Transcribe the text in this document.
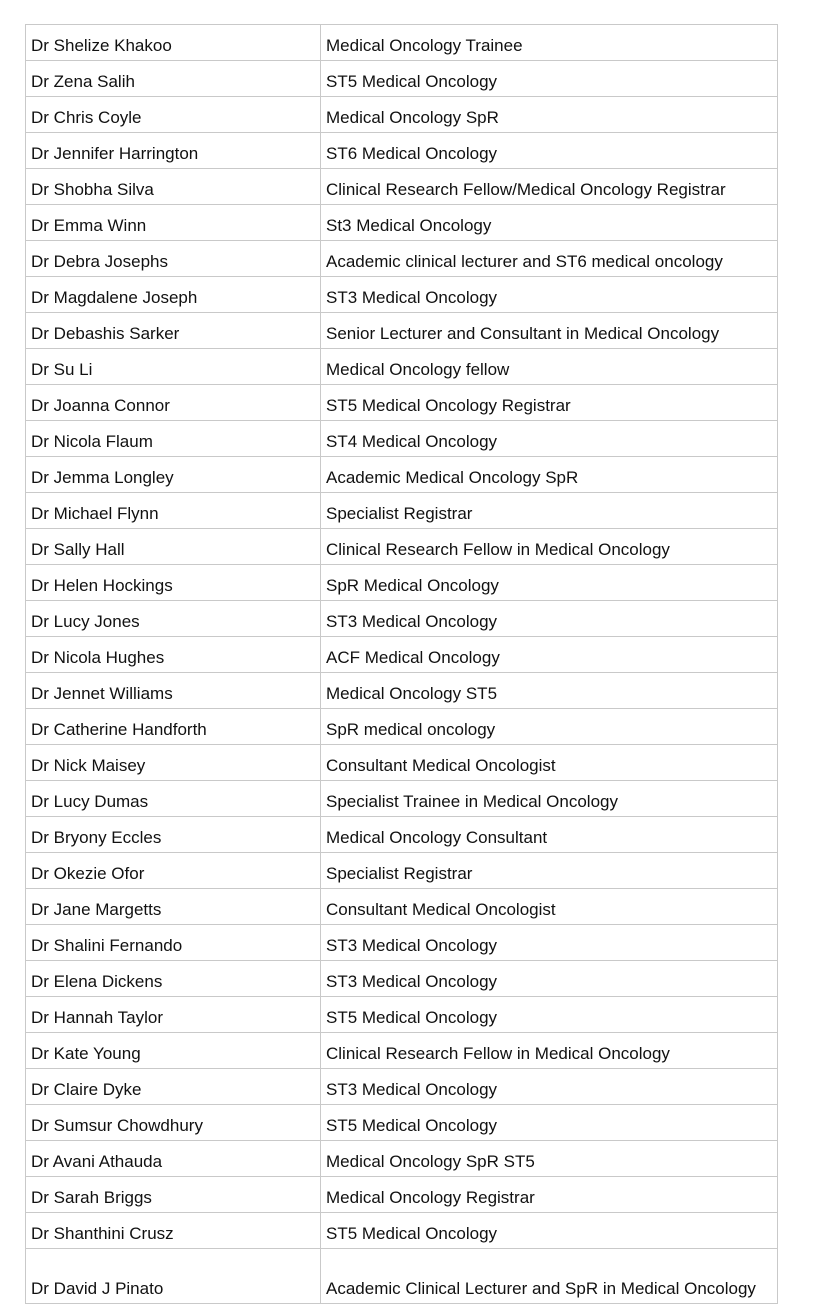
Dr Shelize Khakoo	Medical Oncology Trainee
Dr Zena Salih	ST5 Medical Oncology
Dr Chris Coyle	Medical Oncology SpR
Dr Jennifer Harrington	ST6 Medical Oncology
Dr Shobha Silva	Clinical Research Fellow/Medical Oncology Registrar
Dr Emma Winn	St3 Medical Oncology
Dr Debra Josephs	Academic clinical lecturer and ST6 medical oncology
Dr Magdalene Joseph	ST3 Medical Oncology
Dr Debashis Sarker	Senior Lecturer and Consultant in Medical Oncology
Dr Su Li	Medical Oncology fellow
Dr Joanna Connor	ST5 Medical Oncology Registrar
Dr Nicola Flaum	ST4 Medical Oncology
Dr Jemma Longley	Academic Medical Oncology SpR
Dr Michael Flynn	Specialist Registrar
Dr Sally Hall	Clinical Research Fellow in Medical Oncology
Dr Helen Hockings	SpR Medical Oncology
Dr Lucy Jones	ST3 Medical Oncology
Dr Nicola Hughes	ACF Medical Oncology
Dr Jennet Williams	Medical Oncology ST5
Dr Catherine Handforth	SpR medical oncology
Dr Nick Maisey	Consultant Medical Oncologist
Dr Lucy Dumas	Specialist Trainee in Medical Oncology
Dr Bryony Eccles	Medical Oncology Consultant
Dr Okezie Ofor	Specialist Registrar
Dr Jane Margetts	Consultant Medical Oncologist
Dr Shalini Fernando	ST3 Medical Oncology
Dr Elena Dickens	ST3 Medical Oncology
Dr Hannah Taylor	ST5 Medical Oncology
Dr Kate Young	Clinical Research Fellow in Medical Oncology
Dr Claire Dyke	ST3 Medical Oncology
Dr Sumsur Chowdhury	ST5 Medical Oncology
Dr Avani Athauda	Medical Oncology SpR ST5
Dr Sarah Briggs	Medical Oncology Registrar
Dr Shanthini Crusz	ST5 Medical Oncology
Dr David J Pinato	Academic Clinical Lecturer and SpR in Medical Oncology
